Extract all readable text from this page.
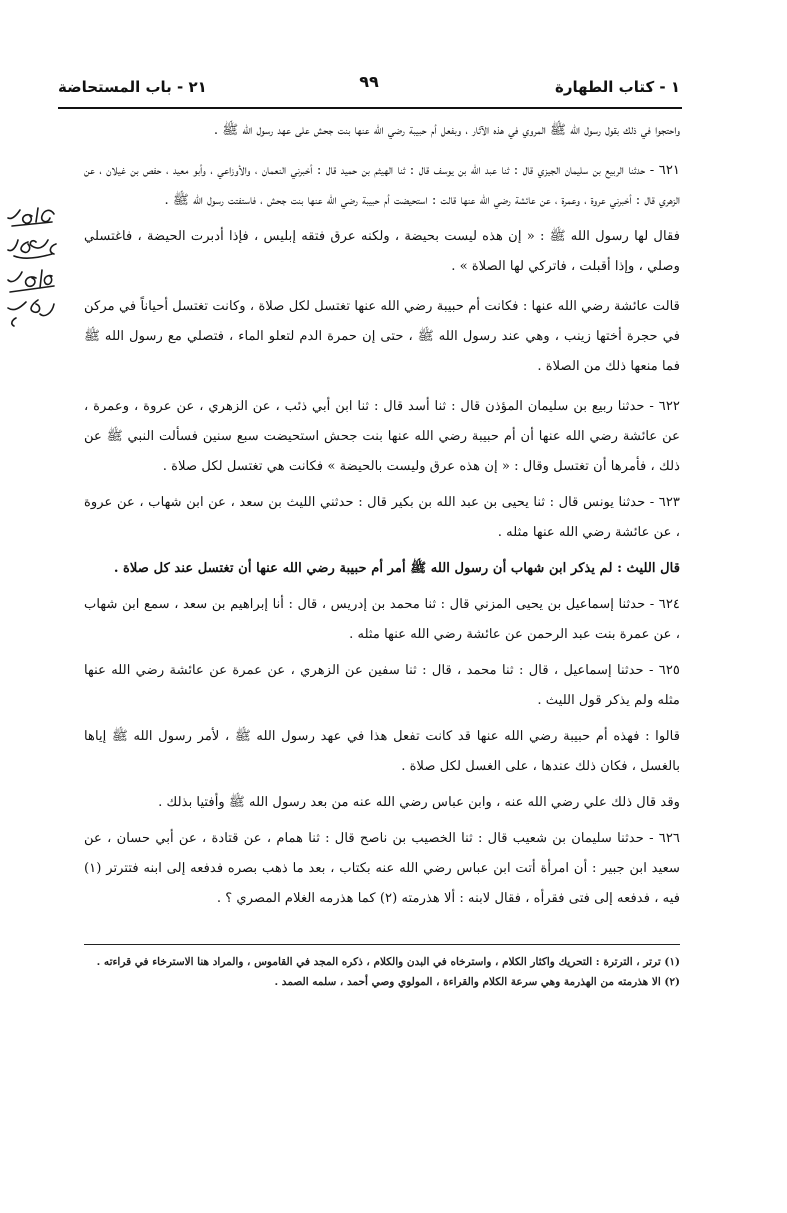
١ - كتاب الطهارة
٩٩
٢١ - باب المستحاضة

واحتجوا في ذلك بقول رسول الله ﷺ المروي في هذه الآثار ، وبفعل أم حبيبة رضي الله عنها بنت جحش على عهد رسول الله ﷺ .

٦٢١ - حدثنا الربيع بن سليمان الجيزي قال : ثنا عبد الله بن يوسف قال : ثنا الهيثم بن حميد قال : أخبرني النعمان ، والأوزاعي ، وأبو معيد ، حفص بن غيلان ، عن الزهري قال : أخبرني عروة ، وعمرة ، عن عائشة رضي الله عنها قالت : استحيضت أم حبيبة رضي الله عنها بنت جحش ، فاستفتت رسول الله ﷺ .

فقال لها رسول الله ﷺ : « إن هذه ليست بحيضة ، ولكنه عرق فتقه إبليس ، فإذا أدبرت الحيضة ، فاغتسلي وصلي ، وإذا أقبلت ، فاتركي لها الصلاة » .

قالت عائشة رضي الله عنها : فكانت أم حبيبة رضي الله عنها تغتسل لكل صلاة ، وكانت تغتسل أحياناً في مركن في حجرة أختها زينب ، وهي عند رسول الله ﷺ ، حتى إن حمرة الدم لتعلو الماء ، فتصلي مع رسول الله ﷺ فما منعها ذلك من الصلاة .

٦٢٢ - حدثنا ربيع بن سليمان المؤذن قال : ثنا أسد قال : ثنا ابن أبي ذئب ، عن الزهري ، عن عروة ، وعمرة ، عن عائشة رضي الله عنها أن أم حبيبة رضي الله عنها بنت جحش استحيضت سبع سنين فسألت النبي ﷺ عن ذلك ، فأمرها أن تغتسل وقال : « إن هذه عرق وليست بالحيضة » فكانت هي تغتسل لكل صلاة .

٦٢٣ - حدثنا يونس قال : ثنا يحيى بن عبد الله بن بكير قال : حدثني الليث بن سعد ، عن ابن شهاب ، عن عروة ، عن عائشة رضي الله عنها مثله .

قال الليث : لم يذكر ابن شهاب أن رسول الله ﷺ أمر أم حبيبة رضي الله عنها أن تغتسل عند كل صلاة .

٦٢٤ - حدثنا إسماعيل بن يحيى المزني قال : ثنا محمد بن إدريس ، قال : أنا إبراهيم بن سعد ، سمع ابن شهاب ، عن عمرة بنت عبد الرحمن عن عائشة رضي الله عنها مثله .

٦٢٥ - حدثنا إسماعيل ، قال : ثنا محمد ، قال : ثنا سفين عن الزهري ، عن عمرة عن عائشة رضي الله عنها مثله ولم يذكر قول الليث .

قالوا : فهذه أم حبيبة رضي الله عنها قد كانت تفعل هذا في عهد رسول الله ﷺ ، لأمر رسول الله ﷺ إياها بالغسل ، فكان ذلك عندها ، على الغسل لكل صلاة .

وقد قال ذلك علي رضي الله عنه ، وابن عباس رضي الله عنه من بعد رسول الله ﷺ وأفتيا بذلك .

٦٢٦ - حدثنا سليمان بن شعيب قال : ثنا الخصيب بن ناصح قال : ثنا همام ، عن قتادة ، عن أبي حسان ، عن سعيد ابن جبير : أن امرأة أتت ابن عباس رضي الله عنه بكتاب ، بعد ما ذهب بصره فدفعه إلى ابنه فتترتر (١) فيه ، فدفعه إلى فتى فقرأه ، فقال لابنه : ألا هذرمته (٢) كما هذرمه الغلام المصري ؟ .

(١) ترتر ، الترترة : التحريك واكثار الكلام ، واسترخاه في البدن والكلام ، ذكره المجد في القاموس ، والمراد هنا الاسترخاء في قراءته .

(٢) الا هذرمته من الهذرمة وهي سرعة الكلام والقراءة ، المولوي وصي أحمد ، سلمه الصمد .
